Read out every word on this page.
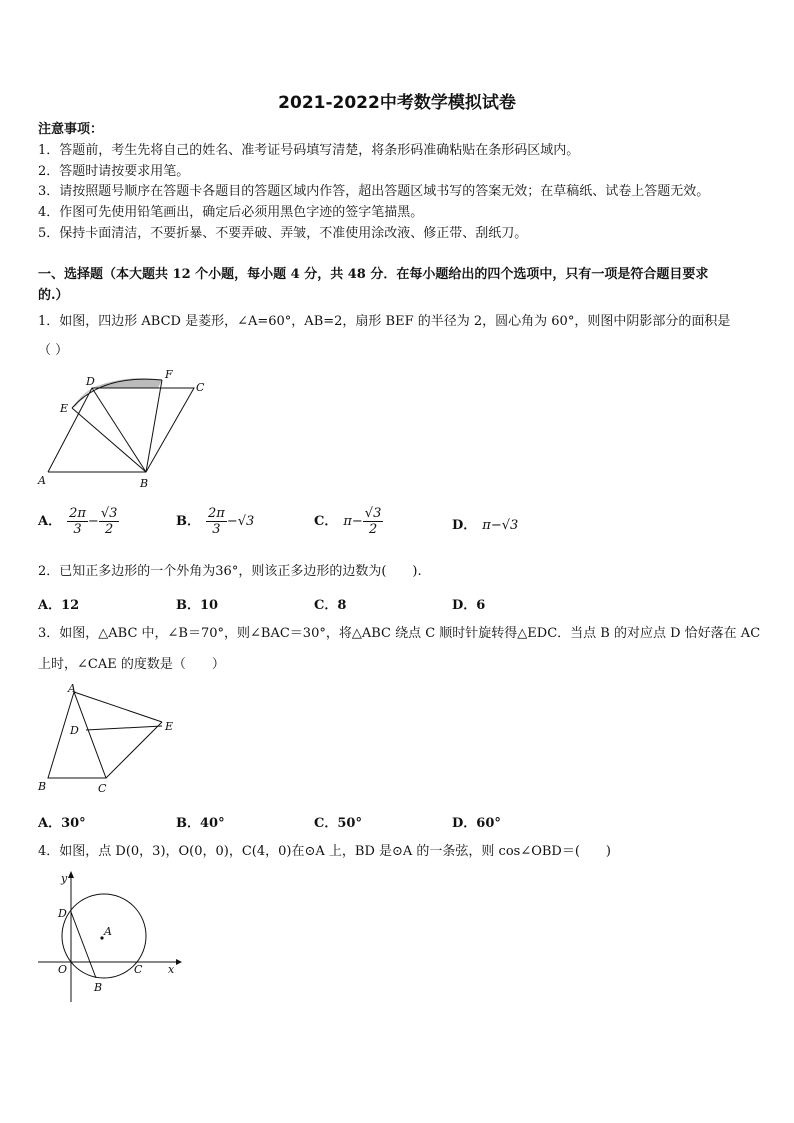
2021-2022中考数学模拟试卷
注意事项：
1．答题前，考生先将自己的姓名、准考证号码填写清楚，将条形码准确粘贴在条形码区域内。
2．答题时请按要求用笔。
3．请按照题号顺序在答题卡各题目的答题区域内作答，超出答题区域书写的答案无效；在草稿纸、试卷上答题无效。
4．作图可先使用铅笔画出，确定后必须用黑色字迹的签字笔描黑。
5．保持卡面清洁，不要折暴、不要弄破、弄皱，不准使用涂改液、修正带、刮纸刀。
一、选择题（本大题共 12 个小题，每小题 4 分，共 48 分．在每小题给出的四个选项中，只有一项是符合题目要求
的.）
1．如图，四边形 ABCD 是菱形，∠A=60°，AB=2，扇形 BEF 的半径为 2，圆心角为 60°，则图中阴影部分的面积是
（ ）
D
F
C
E
A	B
A． $\frac{2\pi}{3} - \frac{√3}{2}$	B． $\frac{2\pi}{3} -√3$	C． $\pi- \frac{√3}{2}$	D． π−√3
2．已知正多边形的一个外角为36°，则该正多边形的边数为(　　).
A．12	B．10	C．8	D．6
3．如图，△ABC 中，∠B＝70°，则∠BAC＝30°，将△ABC 绕点 C 顺时针旋转得△EDC．当点 B 的对应点 D 恰好落在 AC
上时，∠CAE 的度数是（　　）
A
D	E
B	C
A．30°	B．40°	C．50°	D．60°
4．如图，点 D(0，3)，O(0，0)，C(4，0)在⊙A 上，BD 是⊙A 的一条弦，则 cos∠OBD＝(　　)
y
D
A
O	C x
B
